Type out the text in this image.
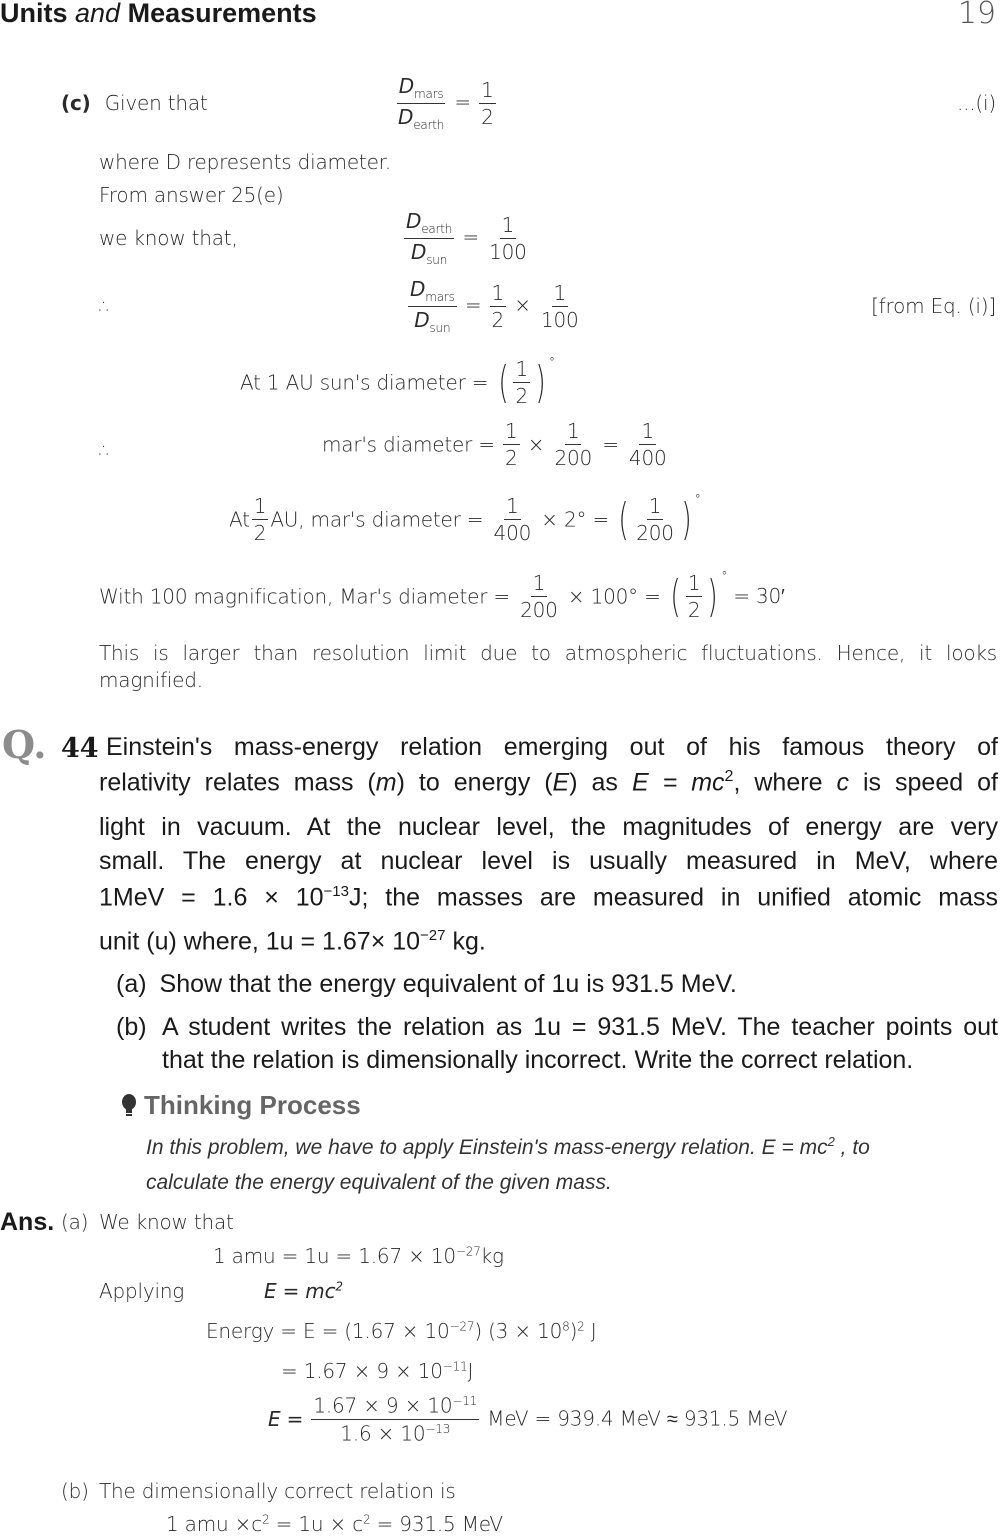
Units and Measurements	19
(c) Given that	$\frac{D_{mars}}{D_{earth}} = \frac{1}{2}$	...(i)
where D represents diameter.
From answer 25(e)
we know that,	$\frac{D_{earth}}{D_{sun}} = \frac{1}{100}$
∴	$\frac{D_{mars}}{D_{sun}} = \frac{1}{2} \times \frac{1}{100}$	[from Eq. (i)]
At 1 AU sun's diameter = ( $\frac{1}{2}$ ) °
∴	mar's diameter = $\frac{1}{2} \times \frac{1}{200} = \frac{1}{400}$
At $\frac{1}{2}$ AU, mar's diameter = $\frac{1}{400} \times 2^\circ$ = ( $\frac{1}{200}$ ) °
With 100 magnification, Mar's diameter = $\frac{1}{200} \times 100^\circ$ = ( $\frac{1}{2}$ ) ° = 30′
This is larger than resolution limit due to atmospheric fluctuations. Hence, it looks
magnified.
Q. 44 Einstein's mass-energy relation emerging out of his famous theory of
relativity relates mass (m) to energy (E) as $E = mc^2$, where c is speed of
light in vacuum. At the nuclear level, the magnitudes of energy are very
small. The energy at nuclear level is usually measured in MeV, where
$1MeV = 1.6 \times 10^{-13}J$; the masses are measured in unified atomic mass
unit (u) where, $1u = 1.67\times 10^{-27}$ kg.
(a) Show that the energy equivalent of 1u is 931.5 MeV.
(b) A student writes the relation as 1u = 931.5 MeV. The teacher points out
that the relation is dimensionally incorrect. Write the correct relation.
Thinking Process
In this problem, we have to apply Einstein's mass-energy relation. $E = mc^2$ , to
calculate the energy equivalent of the given mass.
Ans. (a) We know that
1 amu = $1u = 1.67 \times 10^{-27}kg$
Applying	$E = mc^2$
Energy = $E = (1.67 \times 10^{-27})$ $(3 \times 10^8)^2$ J
= $1.67 \times 9 \times 10^{-11}J$
$E = \frac{1.67 \times 9 \times 10^{-11}}{1.6 \times 10^{-13}}$ MeV = 939.4 MeV ≈ 931.5 MeV
(b) The dimensionally correct relation is
1 amu $\times c^2 = 1u \times c^2 = 931.5$ MeV
